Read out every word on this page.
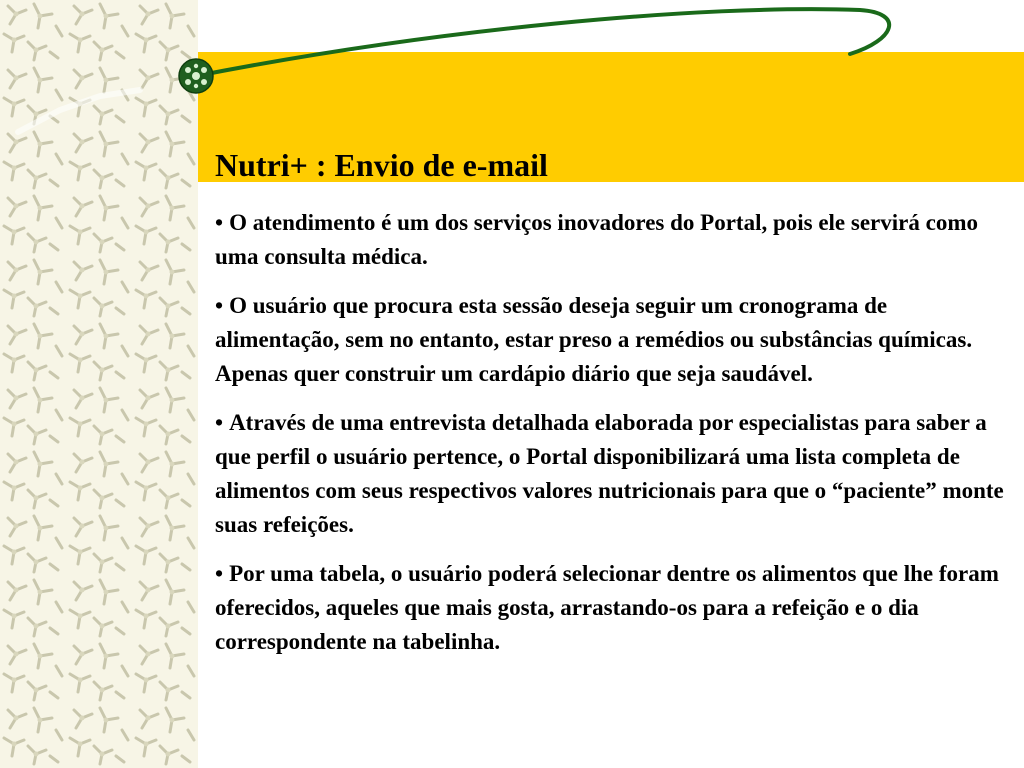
Nutri+ : Envio de e-mail
• O atendimento é um dos serviços inovadores do Portal, pois ele servirá como uma consulta médica.
• O usuário que procura esta sessão deseja seguir um cronograma de alimentação, sem no entanto, estar preso a remédios ou substâncias químicas. Apenas quer construir um cardápio diário que seja saudável.
• Através de uma entrevista detalhada elaborada por especialistas para saber a que perfil o usuário pertence, o Portal disponibilizará uma lista completa de alimentos com seus respectivos valores nutricionais para que o “paciente” monte suas refeições.
• Por uma tabela, o usuário poderá selecionar dentre os alimentos que lhe foram oferecidos, aqueles que mais gosta, arrastando-os para a refeição e o dia correspondente na tabelinha.
